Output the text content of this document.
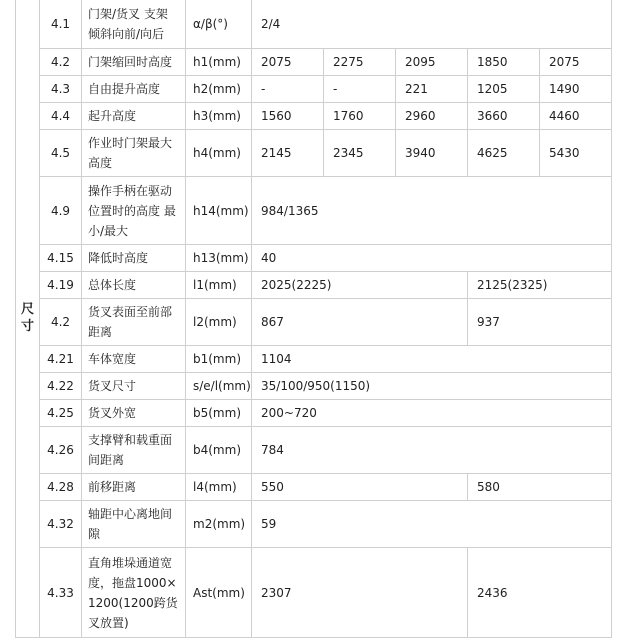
尺寸	4.1	门架/货叉 支架倾斜向前/向后	α/β(°)	2/4				
	4.2	门架缩回时高度	h1(mm)	2075	2275	2095	1850	2075
	4.3	自由提升高度	h2(mm)	-	-	221	1205	1490
	4.4	起升高度	h3(mm)	1560	1760	2960	3660	4460
	4.5	作业时门架最大高度	h4(mm)	2145	2345	3940	4625	5430
	4.9	操作手柄在驱动位置时的高度 最小/最大	h14(mm)	984/1365				
	4.15	降低时高度	h13(mm)	40				
	4.19	总体长度	l1(mm)	2025(2225)			2125(2325)	
	4.2	货叉表面至前部距离	l2(mm)	867			937	
	4.21	车体宽度	b1(mm)	1104				
	4.22	货叉尺寸	s/e/l(mm)	35/100/950(1150)				
	4.25	货叉外宽	b5(mm)	200~720				
	4.26	支撑臂和载重面间距离	b4(mm)	784				
	4.28	前移距离	l4(mm)	550			580	
	4.32	轴距中心离地间隙	m2(mm)	59				
	4.33	直角堆垛通道宽度，拖盘1000×1200(1200跨货叉放置)	Ast(mm)	2307			2436	
